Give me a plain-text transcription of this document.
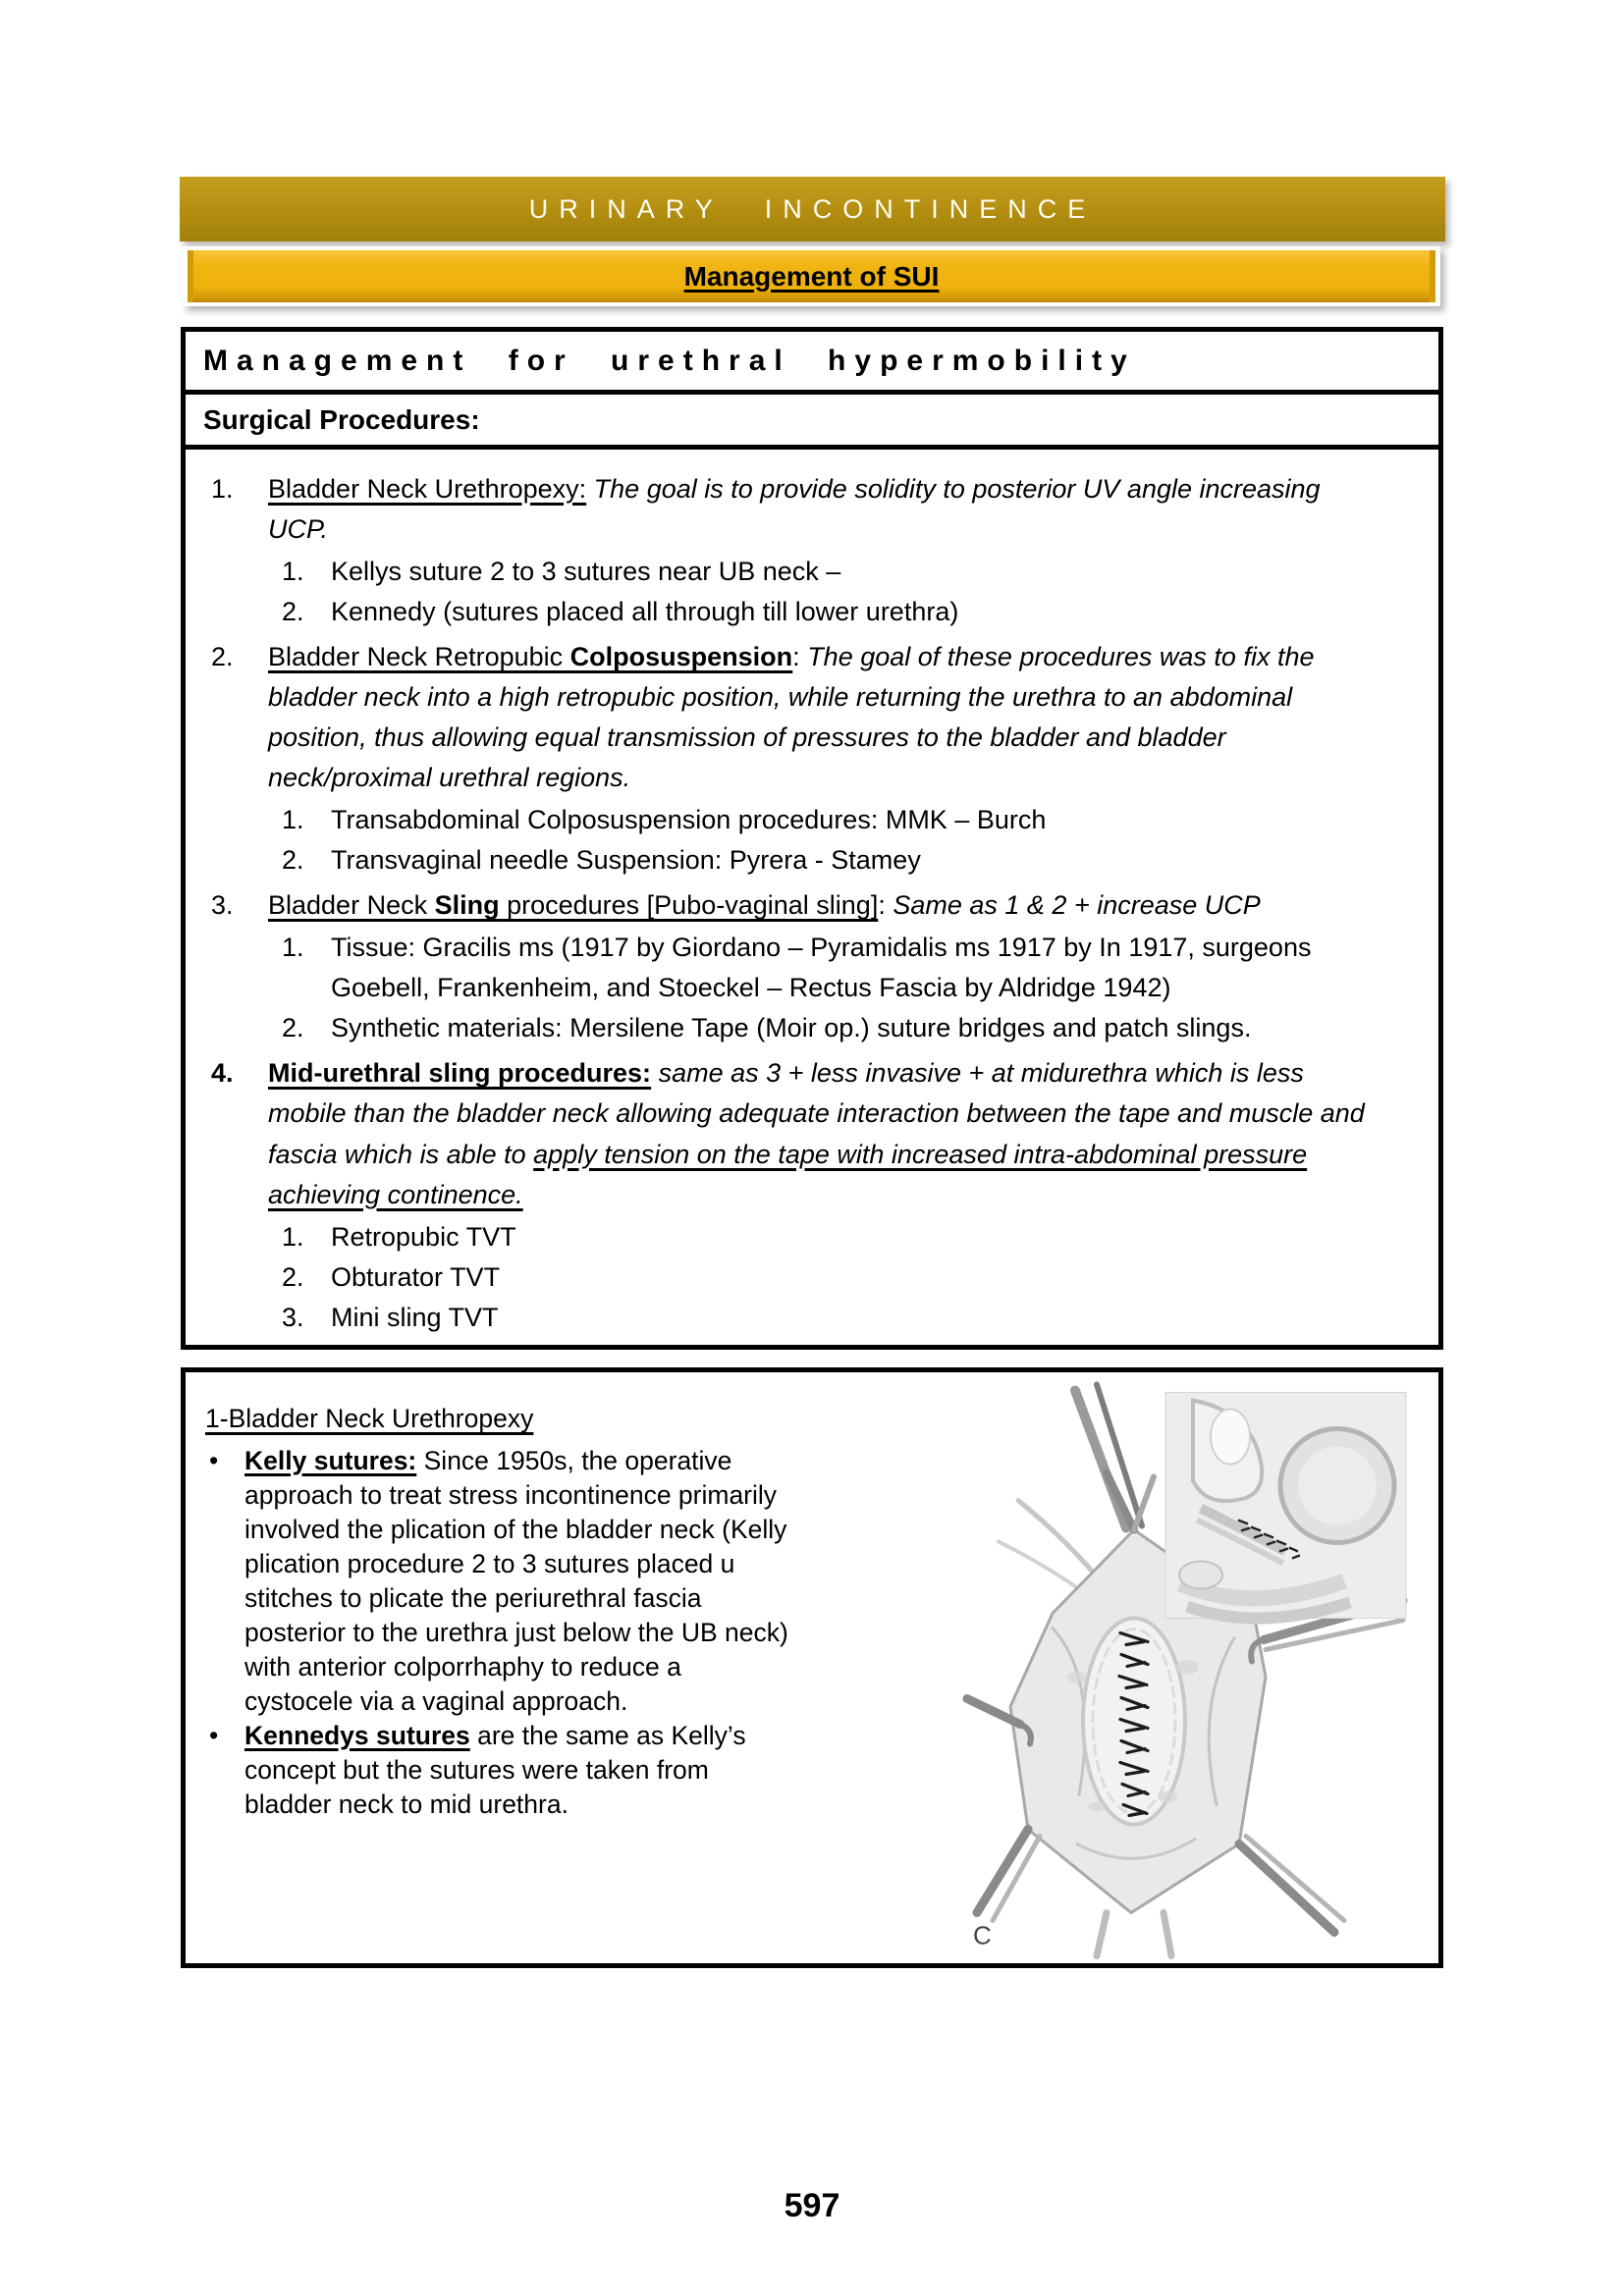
URINARY INCONTINENCE
Management of SUI
Management for urethral hypermobility
Surgical Procedures:
1.	Bladder Neck Urethropexy: The goal is to provide solidity to posterior UV angle increasing UCP.
1.	Kellys suture 2 to 3 sutures near UB neck –
2.	Kennedy (sutures placed all through till lower urethra)
2.	Bladder Neck Retropubic Colposuspension: The goal of these procedures was to fix the bladder neck into a high retropubic position, while returning the urethra to an abdominal position, thus allowing equal transmission of pressures to the bladder and bladder neck/proximal urethral regions.
1.	Transabdominal Colposuspension procedures: MMK – Burch
2.	Transvaginal needle Suspension: Pyrera - Stamey
3.	Bladder Neck Sling procedures [Pubo-vaginal sling]: Same as 1 & 2 + increase UCP
1.	Tissue: Gracilis ms (1917 by Giordano – Pyramidalis ms 1917 by In 1917, surgeons Goebell, Frankenheim, and Stoeckel – Rectus Fascia by Aldridge 1942)
2.	Synthetic materials: Mersilene Tape (Moir op.) suture bridges and patch slings.
4.	Mid-urethral sling procedures: same as 3 + less invasive + at midurethra which is less mobile than the bladder neck allowing adequate interaction between the tape and muscle and fascia which is able to apply tension on the tape with increased intra-abdominal pressure achieving continence.
1.	Retropubic TVT
2.	Obturator TVT
3.	Mini sling TVT
1-Bladder Neck Urethropexy
•	Kelly sutures: Since 1950s, the operative approach to treat stress incontinence primarily involved the plication of the bladder neck (Kelly plication procedure 2 to 3 sutures placed u stitches to plicate the periurethral fascia posterior to the urethra just below the UB neck) with anterior colporrhaphy to reduce a cystocele via a vaginal approach.
•	Kennedys sutures are the same as Kelly’s concept but the sutures were taken from bladder neck to mid urethra.
C
597
